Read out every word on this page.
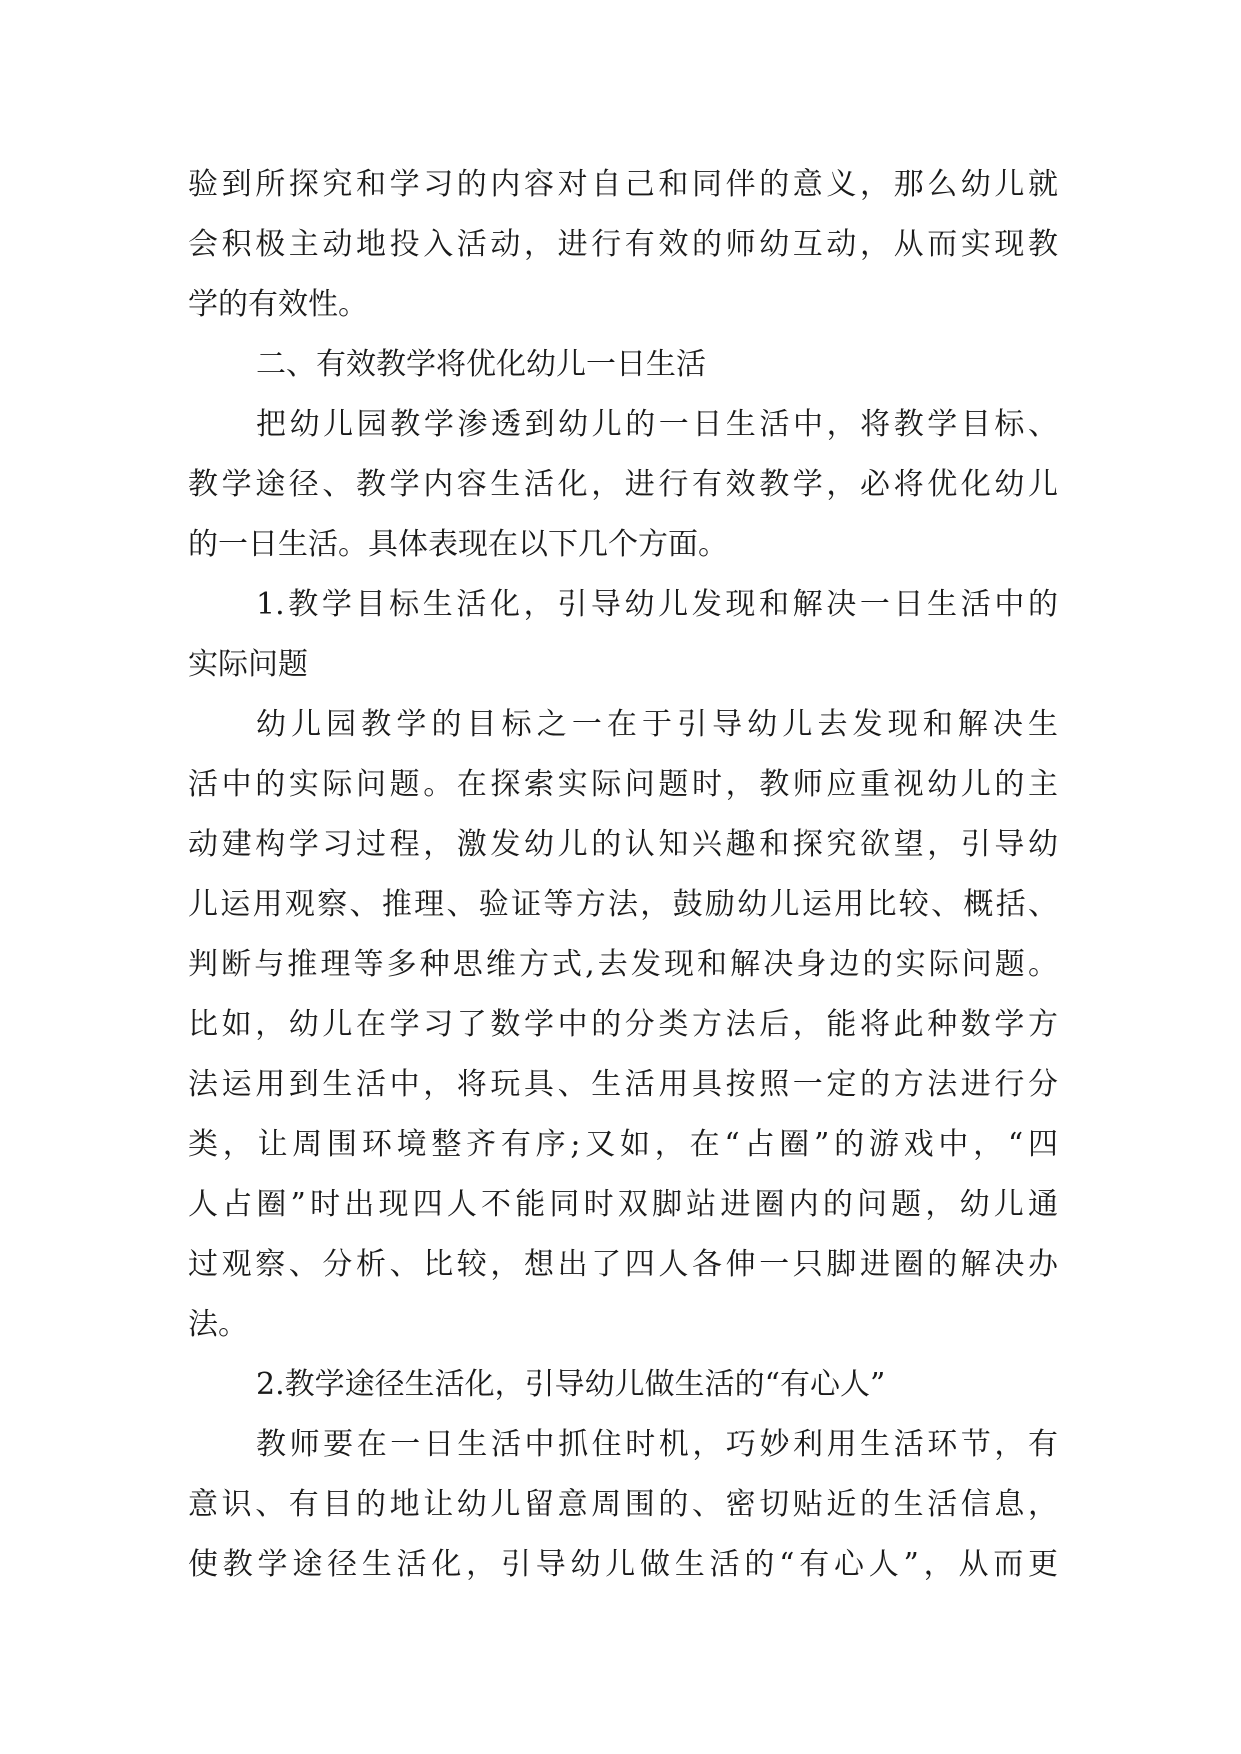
验到所探究和学习的内容对自己和同伴的意义，那么幼儿就
会积极主动地投入活动，进行有效的师幼互动，从而实现教
学的有效性。
二、有效教学将优化幼儿一日生活
把幼儿园教学渗透到幼儿的一日生活中，将教学目标、
教学途径、教学内容生活化，进行有效教学，必将优化幼儿
的一日生活。具体表现在以下几个方面。
1.教学目标生活化，引导幼儿发现和解决一日生活中的
实际问题
幼儿园教学的目标之一在于引导幼儿去发现和解决生
活中的实际问题。在探索实际问题时，教师应重视幼儿的主
动建构学习过程，激发幼儿的认知兴趣和探究欲望，引导幼
儿运用观察、推理、验证等方法，鼓励幼儿运用比较、概括、
判断与推理等多种思维方式,去发现和解决身边的实际问题。
比如，幼儿在学习了数学中的分类方法后，能将此种数学方
法运用到生活中，将玩具、生活用具按照一定的方法进行分
类，让周围环境整齐有序;又如，在“占圈”的游戏中，“四
人占圈”时出现四人不能同时双脚站进圈内的问题，幼儿通
过观察、分析、比较，想出了四人各伸一只脚进圈的解决办
法。
2.教学途径生活化，引导幼儿做生活的“有心人”
教师要在一日生活中抓住时机，巧妙利用生活环节，有
意识、有目的地让幼儿留意周围的、密切贴近的生活信息，
使教学途径生活化，引导幼儿做生活的“有心人”，从而更
